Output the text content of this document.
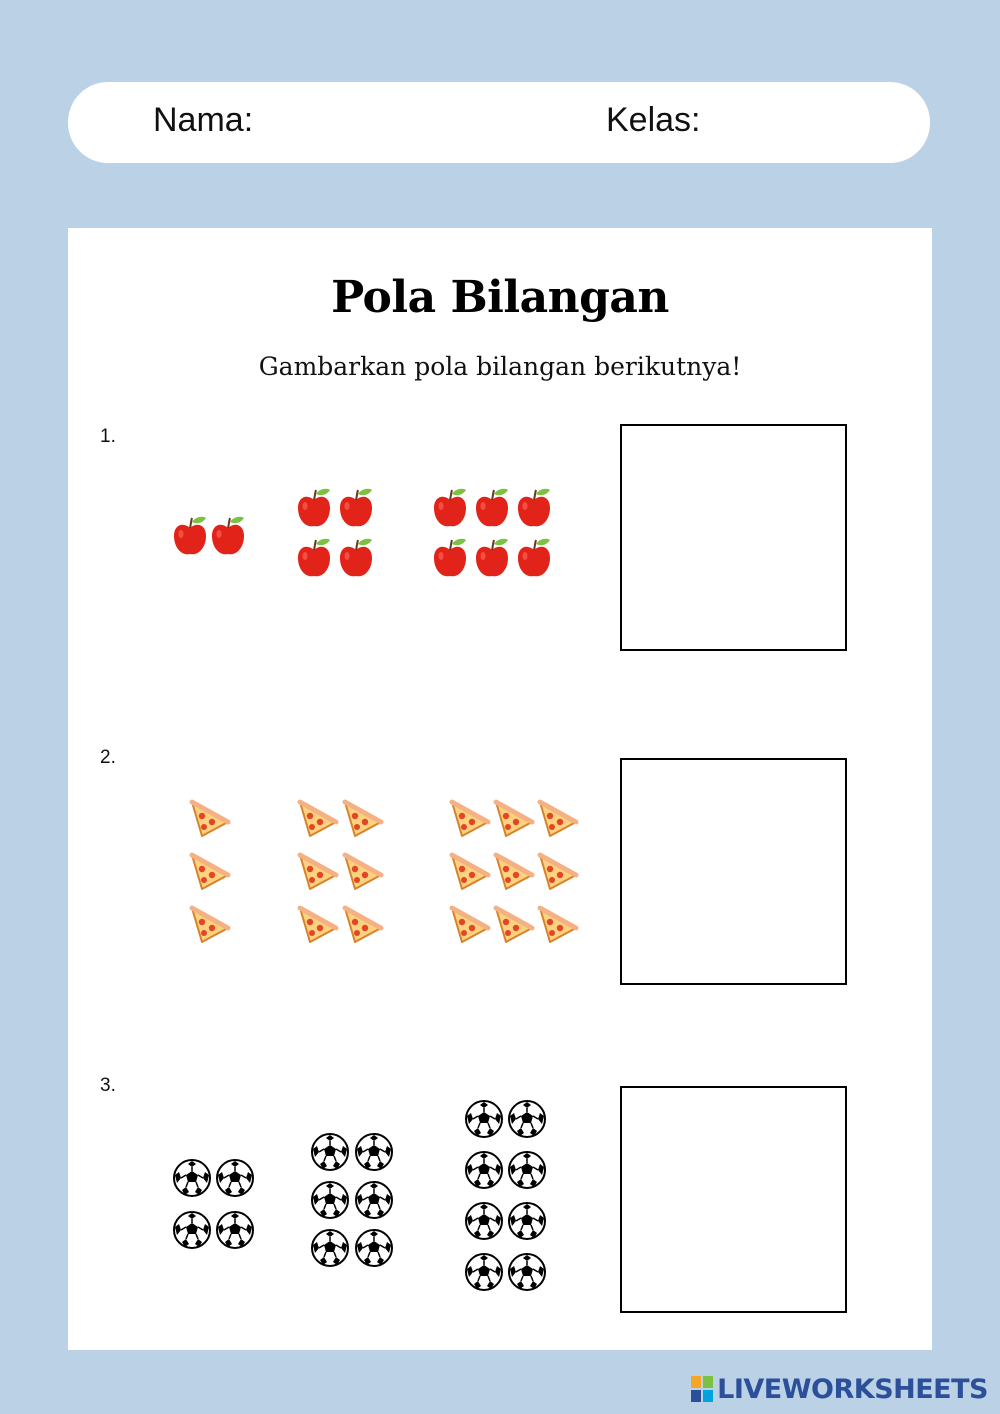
Nama:	Kelas:
Pola Bilangan
Gambarkan pola bilangan berikutnya!
1.
2.
3.
LIVEWORKSHEETS
